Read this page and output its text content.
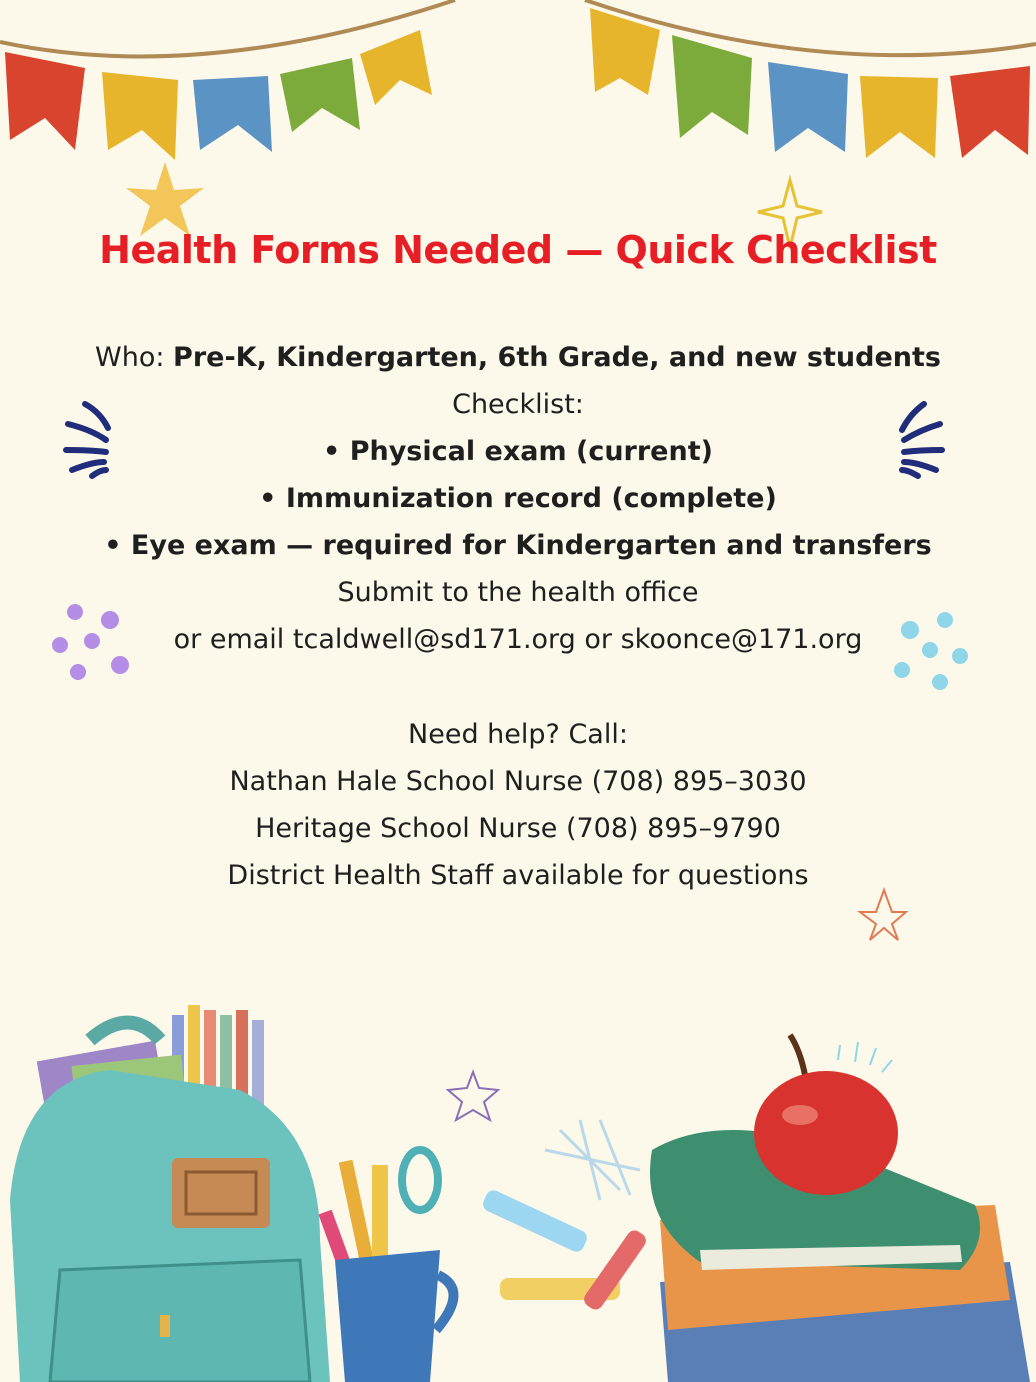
Health Forms Needed — Quick Checklist
Who: Pre-K, Kindergarten, 6th Grade, and new students
Checklist:
• Physical exam (current)
• Immunization record (complete)
• Eye exam — required for Kindergarten and transfers
Submit to the health office
or email tcaldwell@sd171.org or skoonce@171.org
Need help? Call:
Nathan Hale School Nurse (708) 895–3030
Heritage School Nurse (708) 895–9790
District Health Staff available for questions
